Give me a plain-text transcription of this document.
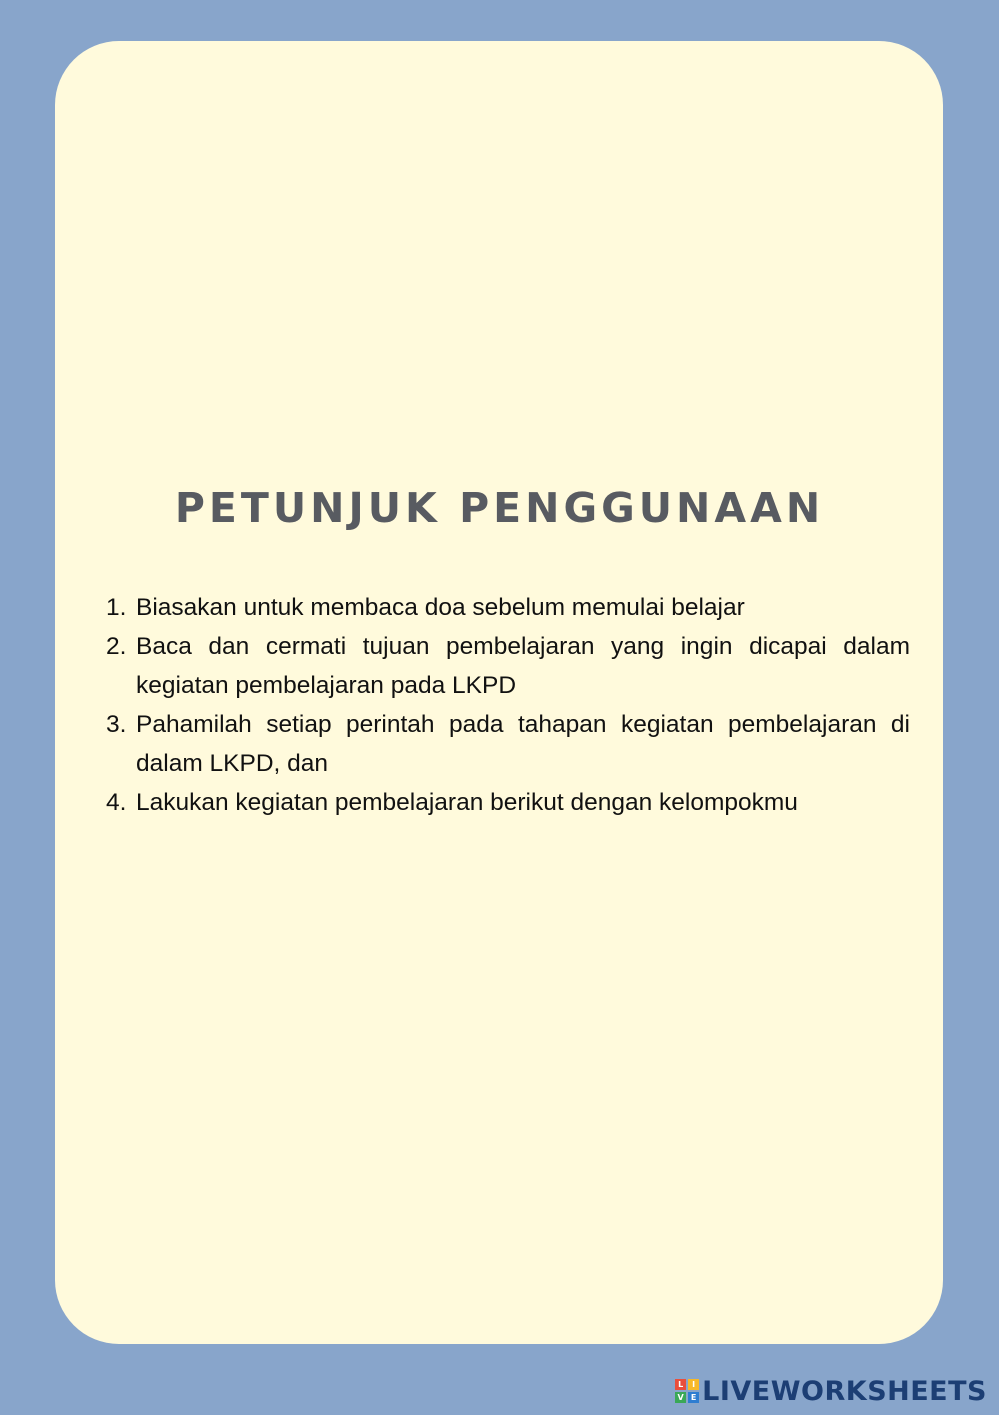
PETUNJUK PENGGUNAAN
1. Biasakan untuk membaca doa sebelum memulai belajar
2. Baca dan cermati tujuan pembelajaran yang ingin dicapai dalam kegiatan pembelajaran pada LKPD
3. Pahamilah setiap perintah pada tahapan kegiatan pembelajaran di dalam LKPD, dan
4. Lakukan kegiatan pembelajaran berikut dengan kelompokmu
L	I
V E LIVEWORKSHEETS
